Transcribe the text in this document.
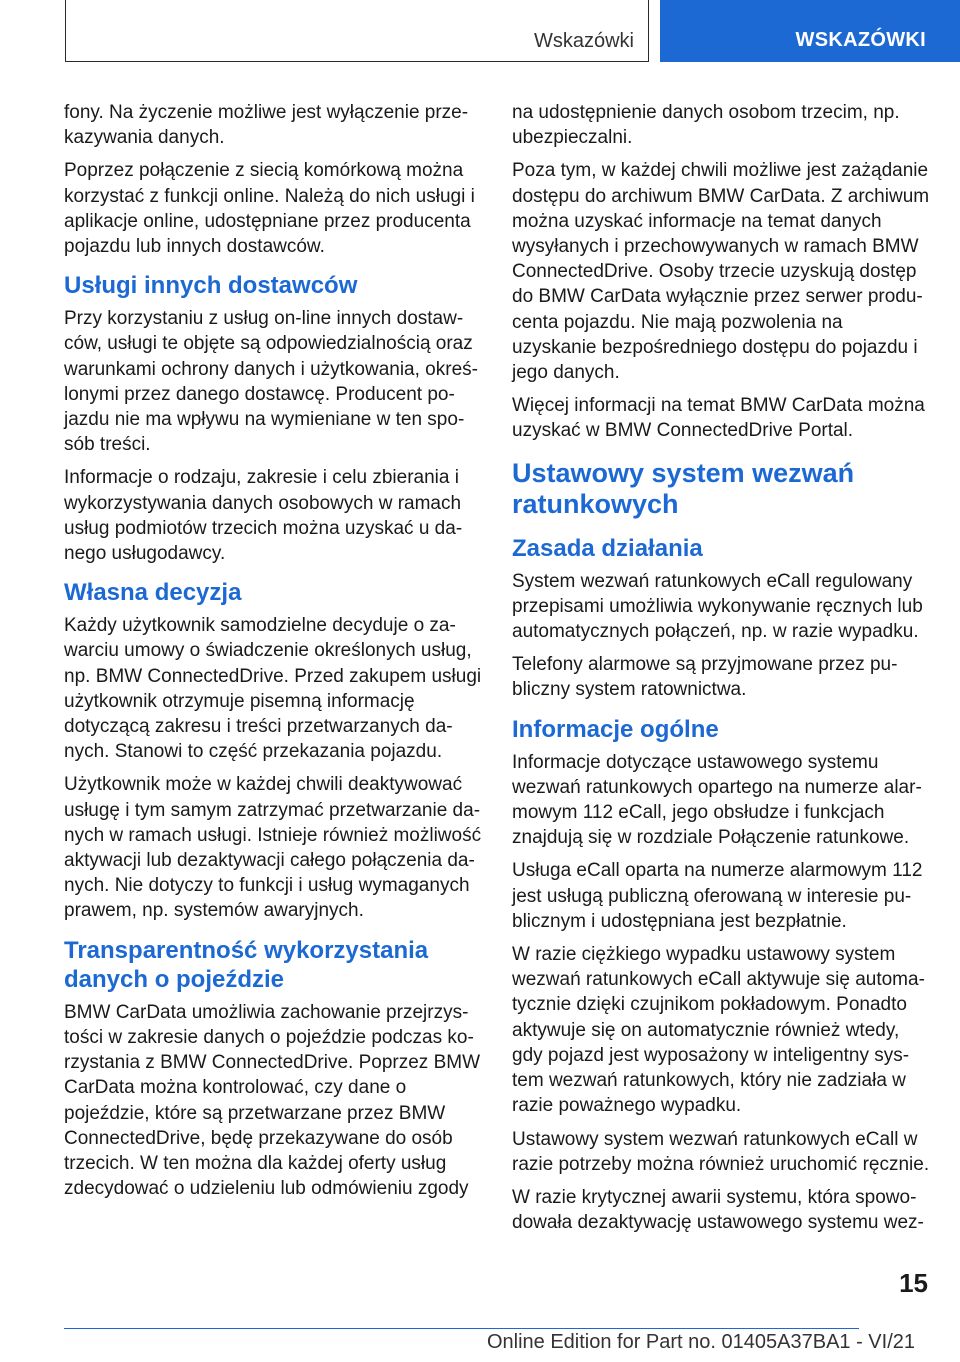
Wskazówki	WSKAZÓWKI

fony. Na życzenie możliwe jest wyłączenie przekazywania danych.

Poprzez połączenie z siecią komórkową można korzystać z funkcji online. Należą do nich usługi i aplikacje online, udostępniane przez producenta pojazdu lub innych dostawców.

Usługi innych dostawców

Przy korzystaniu z usług on-line innych dostawców, usługi te objęte są odpowiedzialnością oraz warunkami ochrony danych i użytkowania, określonymi przez danego dostawcę. Producent pojazdu nie ma wpływu na wymieniane w ten sposób treści.

Informacje o rodzaju, zakresie i celu zbierania i wykorzystywania danych osobowych w ramach usług podmiotów trzecich można uzyskać u danego usługodawcy.

Własna decyzja

Każdy użytkownik samodzielne decyduje o zawarciu umowy o świadczenie określonych usług, np. BMW ConnectedDrive. Przed zakupem usługi użytkownik otrzymuje pisemną informację dotyczącą zakresu i treści przetwarzanych danych. Stanowi to część przekazania pojazdu.

Użytkownik może w każdej chwili deaktywować usługę i tym samym zatrzymać przetwarzanie danych w ramach usługi. Istnieje również możliwość aktywacji lub dezaktywacji całego połączenia danych. Nie dotyczy to funkcji i usług wymaganych prawem, np. systemów awaryjnych.

Transparentność wykorzystania danych o pojeździe

BMW CarData umożliwia zachowanie przejrzystości w zakresie danych o pojeździe podczas korzystania z BMW ConnectedDrive. Poprzez BMW CarData można kontrolować, czy dane o pojeździe, które są przetwarzane przez BMW ConnectedDrive, będę przekazywane do osób trzecich. W ten można dla każdej oferty usług zdecydować o udzieleniu lub odmówieniu zgody

na udostępnienie danych osobom trzecim, np. ubezpieczalni.

Poza tym, w każdej chwili możliwe jest zażądanie dostępu do archiwum BMW CarData. Z archiwum można uzyskać informacje na temat danych wysyłanych i przechowywanych w ramach BMW ConnectedDrive. Osoby trzecie uzyskują dostęp do BMW CarData wyłącznie przez serwer producenta pojazdu. Nie mają pozwolenia na uzyskanie bezpośredniego dostępu do pojazdu i jego danych.

Więcej informacji na temat BMW CarData można uzyskać w BMW ConnectedDrive Portal.

Ustawowy system wezwań ratunkowych
Zasada działania

System wezwań ratunkowych eCall regulowany przepisami umożliwia wykonywanie ręcznych lub automatycznych połączeń, np. w razie wypadku.

Telefony alarmowe są przyjmowane przez publiczny system ratownictwa.

Informacje ogólne

Informacje dotyczące ustawowego systemu wezwań ratunkowych opartego na numerze alarmowym 112 eCall, jego obsłudze i funkcjach znajdują się w rozdziale Połączenie ratunkowe.

Usługa eCall oparta na numerze alarmowym 112 jest usługą publiczną oferowaną w interesie publicznym i udostępniana jest bezpłatnie.

W razie ciężkiego wypadku ustawowy system wezwań ratunkowych eCall aktywuje się automatycznie dzięki czujnikom pokładowym. Ponadto aktywuje się on automatycznie również wtedy, gdy pojazd jest wyposażony w inteligentny system wezwań ratunkowych, który nie zadziała w razie poważnego wypadku.

Ustawowy system wezwań ratunkowych eCall w razie potrzeby można również uruchomić ręcznie.

W razie krytycznej awarii systemu, która spowodowała dezaktywację ustawowego systemu wez-

15
Online Edition for Part no. 01405A37BA1 - VI/21
